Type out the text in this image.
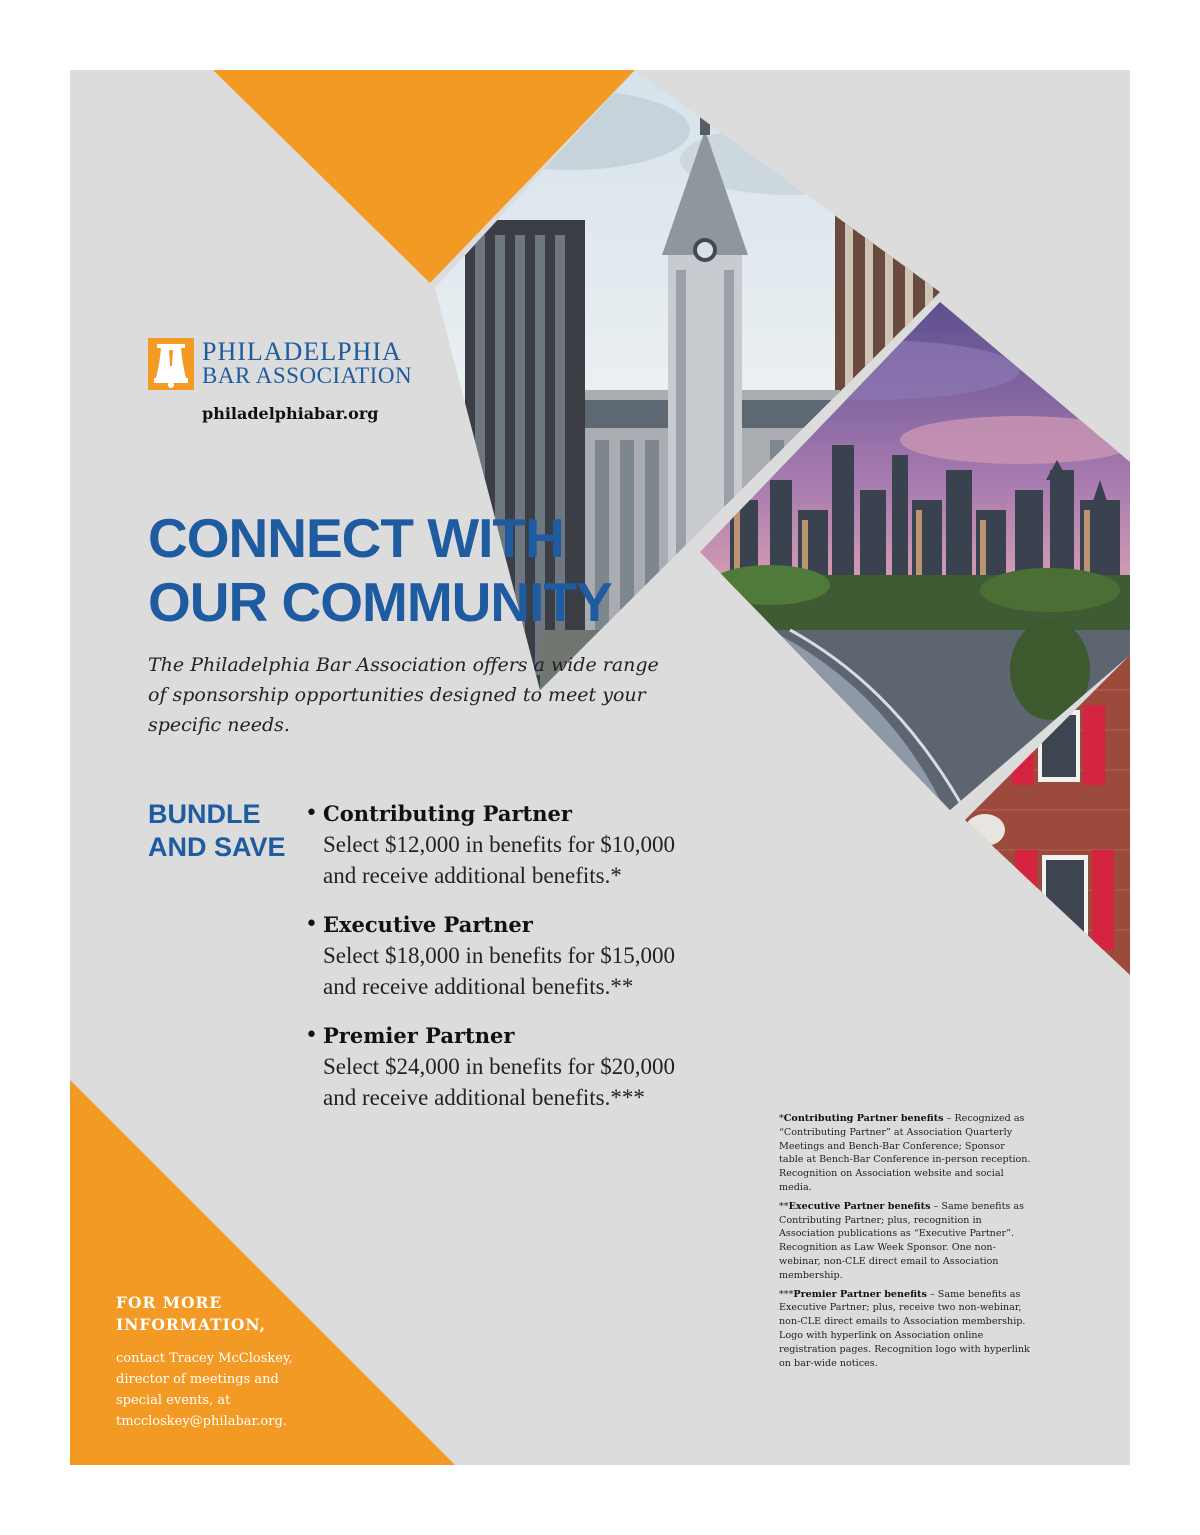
PHILADELPHIA
BAR ASSOCIATION
philadelphiabar.org
CONNECT WITH
OUR COMMUNITY

The Philadelphia Bar Association offers a wide range of sponsorship opportunities designed to meet your specific needs.

BUNDLE
AND SAVE
• Contributing Partner
Select $12,000 in benefits for $10,000
and receive additional benefits.*
• Executive Partner
Select $18,000 in benefits for $15,000
and receive additional benefits.**
• Premier Partner
Select $24,000 in benefits for $20,000
and receive additional benefits.***

*Contributing Partner benefits – Recognized as “Contributing Partner” at Association Quarterly Meetings and Bench-Bar Conference; Sponsor table at Bench-Bar Conference in-person reception. Recognition on Association website and social media.

**Executive Partner benefits – Same benefits as Contributing Partner; plus, recognition in Association publications as “Executive Partner”. Recognition as Law Week Sponsor. One non-webinar, non-CLE direct email to Association membership.

***Premier Partner benefits – Same benefits as Executive Partner; plus, receive two non-webinar, non-CLE direct emails to Association membership. Logo with hyperlink on Association online registration pages. Recognition logo with hyperlink on bar-wide notices.

FOR MORE
INFORMATION,
contact Tracey McCloskey,
director of meetings and
special events, at
tmccloskey@philabar.org.
